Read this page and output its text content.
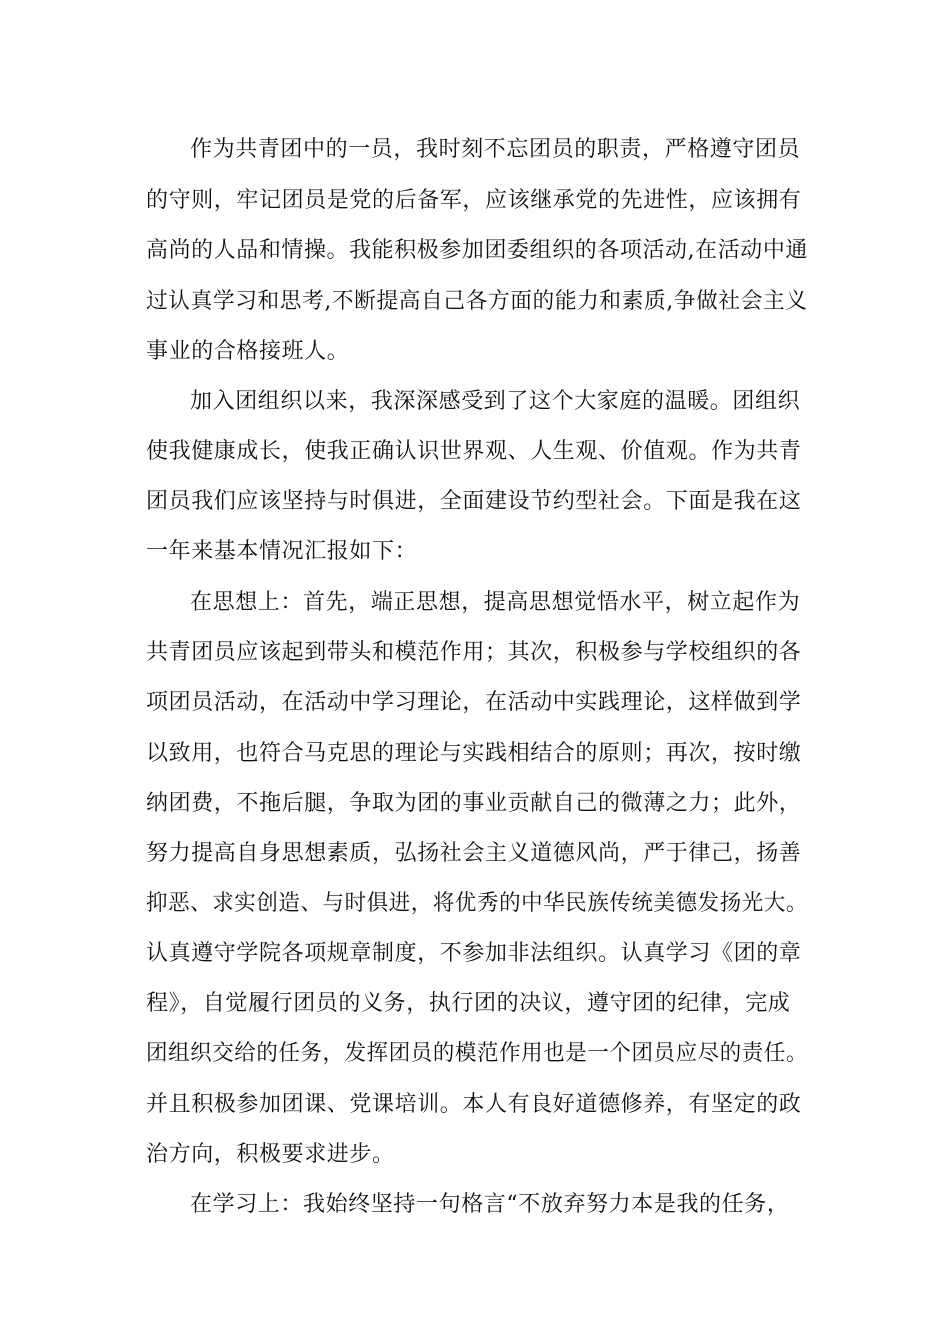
作为共青团中的一员，我时刻不忘团员的职责，严格遵守团员
的守则，牢记团员是党的后备军，应该继承党的先进性，应该拥有
高尚的人品和情操。我能积极参加团委组织的各项活动,在活动中通
过认真学习和思考,不断提高自己各方面的能力和素质,争做社会主义
事业的合格接班人。
加入团组织以来，我深深感受到了这个大家庭的温暖。团组织
使我健康成长，使我正确认识世界观、人生观、价值观。作为共青
团员我们应该坚持与时俱进，全面建设节约型社会。下面是我在这
一年来基本情况汇报如下：
在思想上：首先，端正思想，提高思想觉悟水平，树立起作为
共青团员应该起到带头和模范作用；其次，积极参与学校组织的各
项团员活动，在活动中学习理论，在活动中实践理论，这样做到学
以致用，也符合马克思的理论与实践相结合的原则；再次，按时缴
纳团费，不拖后腿，争取为团的事业贡献自己的微薄之力；此外，
努力提高自身思想素质，弘扬社会主义道德风尚，严于律己，扬善
抑恶、求实创造、与时俱进，将优秀的中华民族传统美德发扬光大。
认真遵守学院各项规章制度，不参加非法组织。认真学习《团的章
程》，自觉履行团员的义务，执行团的决议，遵守团的纪律，完成
团组织交给的任务，发挥团员的模范作用也是一个团员应尽的责任。
并且积极参加团课、党课培训。本人有良好道德修养，有坚定的政
治方向，积极要求进步。
在学习上：我始终坚持一句格言“不放弃努力本是我的任务，
